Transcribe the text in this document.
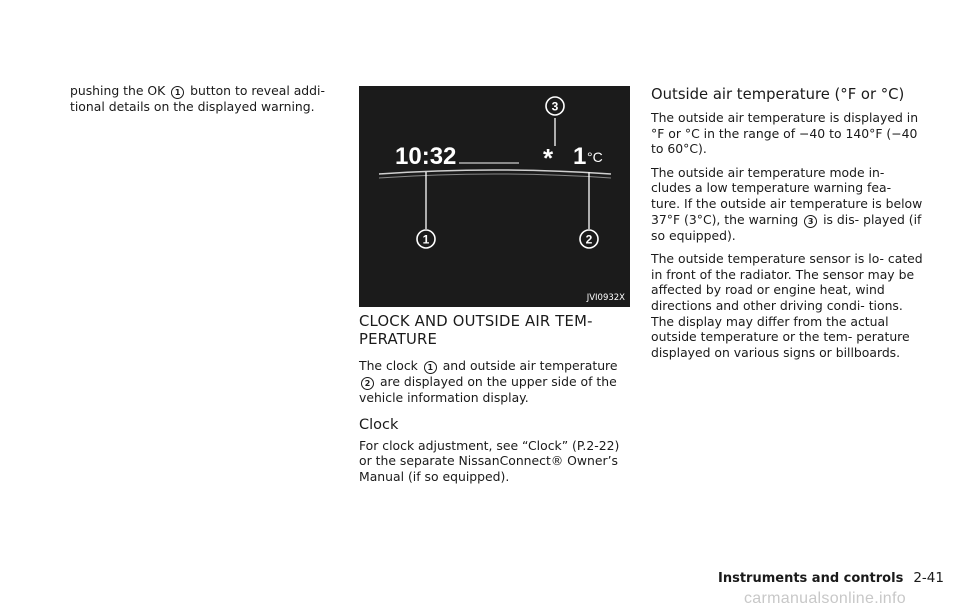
pushing the OK 1 button to reveal addi- tional details on the displayed warning.

10:32	* 1 °C
1	2
3
JVI0932X
CLOCK AND OUTSIDE AIR TEM- PERATURE

The clock 1 and outside air temperature 2 are displayed on the upper side of the vehicle information display.

Clock

For clock adjustment, see “Clock” (P.2-22) or the separate NissanConnect® Owner’s Manual (if so equipped).

Outside air temperature (°F or °C)

The outside air temperature is displayed in °F or °C in the range of −40 to 140°F (−40 to 60°C).

The outside air temperature mode in- cludes a low temperature warning fea- ture. If the outside air temperature is below 37°F (3°C), the warning 3 is dis- played (if so equipped).

The outside temperature sensor is lo- cated in front of the radiator. The sensor may be affected by road or engine heat, wind directions and other driving condi- tions. The display may differ from the actual outside temperature or the tem- perature displayed on various signs or billboards.

Instruments and controls 2-41
carmanualsonline.info
